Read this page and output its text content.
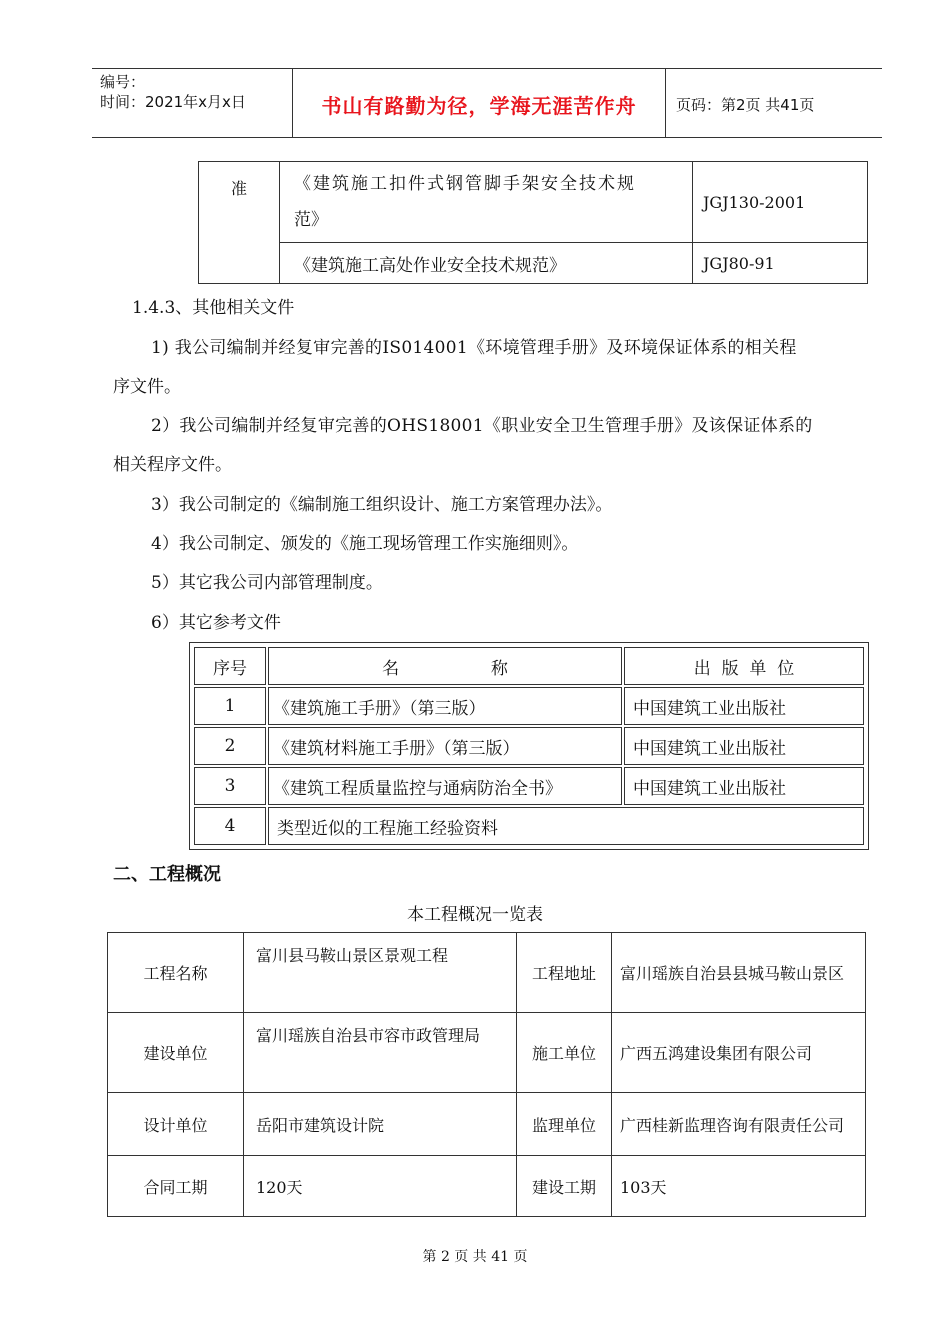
编号：
时间：2021年x月x日	书山有路勤为径，学海无涯苦作舟	页码：第2页 共41页
准	《建筑施工扣件式钢管脚手架安全技术规
范》	JGJ130-2001
	《建筑施工高处作业安全技术规范》	JGJ80-91
1.4.3、其他相关文件
1) 我公司编制并经复审完善的IS014001《环境管理手册》及环境保证体系的相关程
序文件。
2）我公司编制并经复审完善的OHS18001《职业安全卫生管理手册》及该保证体系的
相关程序文件。
3）我公司制定的《编制施工组织设计、施工方案管理办法》。
4）我公司制定、颁发的《施工现场管理工作实施细则》。
5）其它我公司内部管理制度。
6）其它参考文件
序号	名                 称	出  版  单  位
1	《建筑施工手册》（第三版）	中国建筑工业出版社
2	《建筑材料施工手册》（第三版）	中国建筑工业出版社
3	《建筑工程质量监控与通病防治全书》	中国建筑工业出版社
4	类型近似的工程施工经验资料	
二、工程概况
本工程概况一览表
工程名称	富川县马鞍山景区景观工程	工程地址	富川瑶族自治县县城马鞍山景区
建设单位	富川瑶族自治县市容市政管理局	施工单位	广西五鸿建设集团有限公司
设计单位	岳阳市建筑设计院	监理单位	广西桂新监理咨询有限责任公司
合同工期	120天	建设工期	103天
第 2 页 共 41 页
